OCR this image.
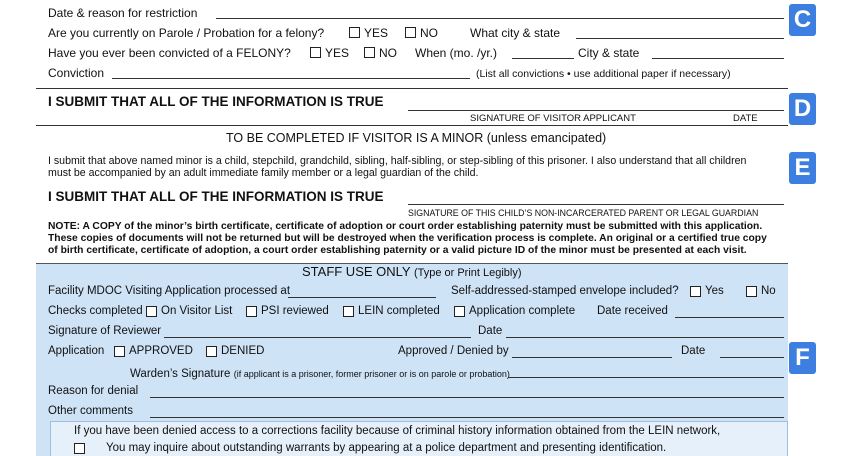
C
Date & reason for restriction
Are you currently on Parole / Probation for a felony?	YES	NO	What city & state
Have you ever been convicted of a FELONY?	YES NO When (mo. /yr.)	City & state
Conviction	(List all convictions • use additional paper if necessary)
D
I SUBMIT THAT ALL OF THE INFORMATION IS TRUE
SIGNATURE OF VISITOR APPLICANT	DATE
E
TO BE COMPLETED IF VISITOR IS A MINOR (unless emancipated)
I submit that above named minor is a child, stepchild, grandchild, sibling, half-sibling, or step-sibling of this prisoner. I also understand that all children
must be accompanied by an adult immediate family member or a legal guardian of the child.
I SUBMIT THAT ALL OF THE INFORMATION IS TRUE
SIGNATURE OF THIS CHILD’S NON-INCARCERATED PARENT OR LEGAL GUARDIAN
NOTE: A COPY of the minor’s birth certificate, certificate of adoption or court order establishing paternity must be submitted with this application.
These copies of documents will not be returned but will be destroyed when the verification process is complete. An original or a certified true copy
of birth certificate, certificate of adoption, a court order establishing paternity or a valid picture ID of the minor must be presented at each visit.
F
STAFF USE ONLY (Type or Print Legibly)
Facility MDOC Visiting Application processed at	Self-addressed-stamped envelope included? Yes	No
Checks completed On Visitor List PSI reviewed	LEIN completed	Application complete Date received
Signature of Reviewer	Date
Application APPROVED DENIED	Approved / Denied by	Date
Warden’s Signature (if applicant is a prisoner, former prisoner or is on parole or probation)
Reason for denial
Other comments
If you have been denied access to a corrections facility because of criminal history information obtained from the LEIN network,
You may inquire about outstanding warrants by appearing at a police department and presenting identification.
